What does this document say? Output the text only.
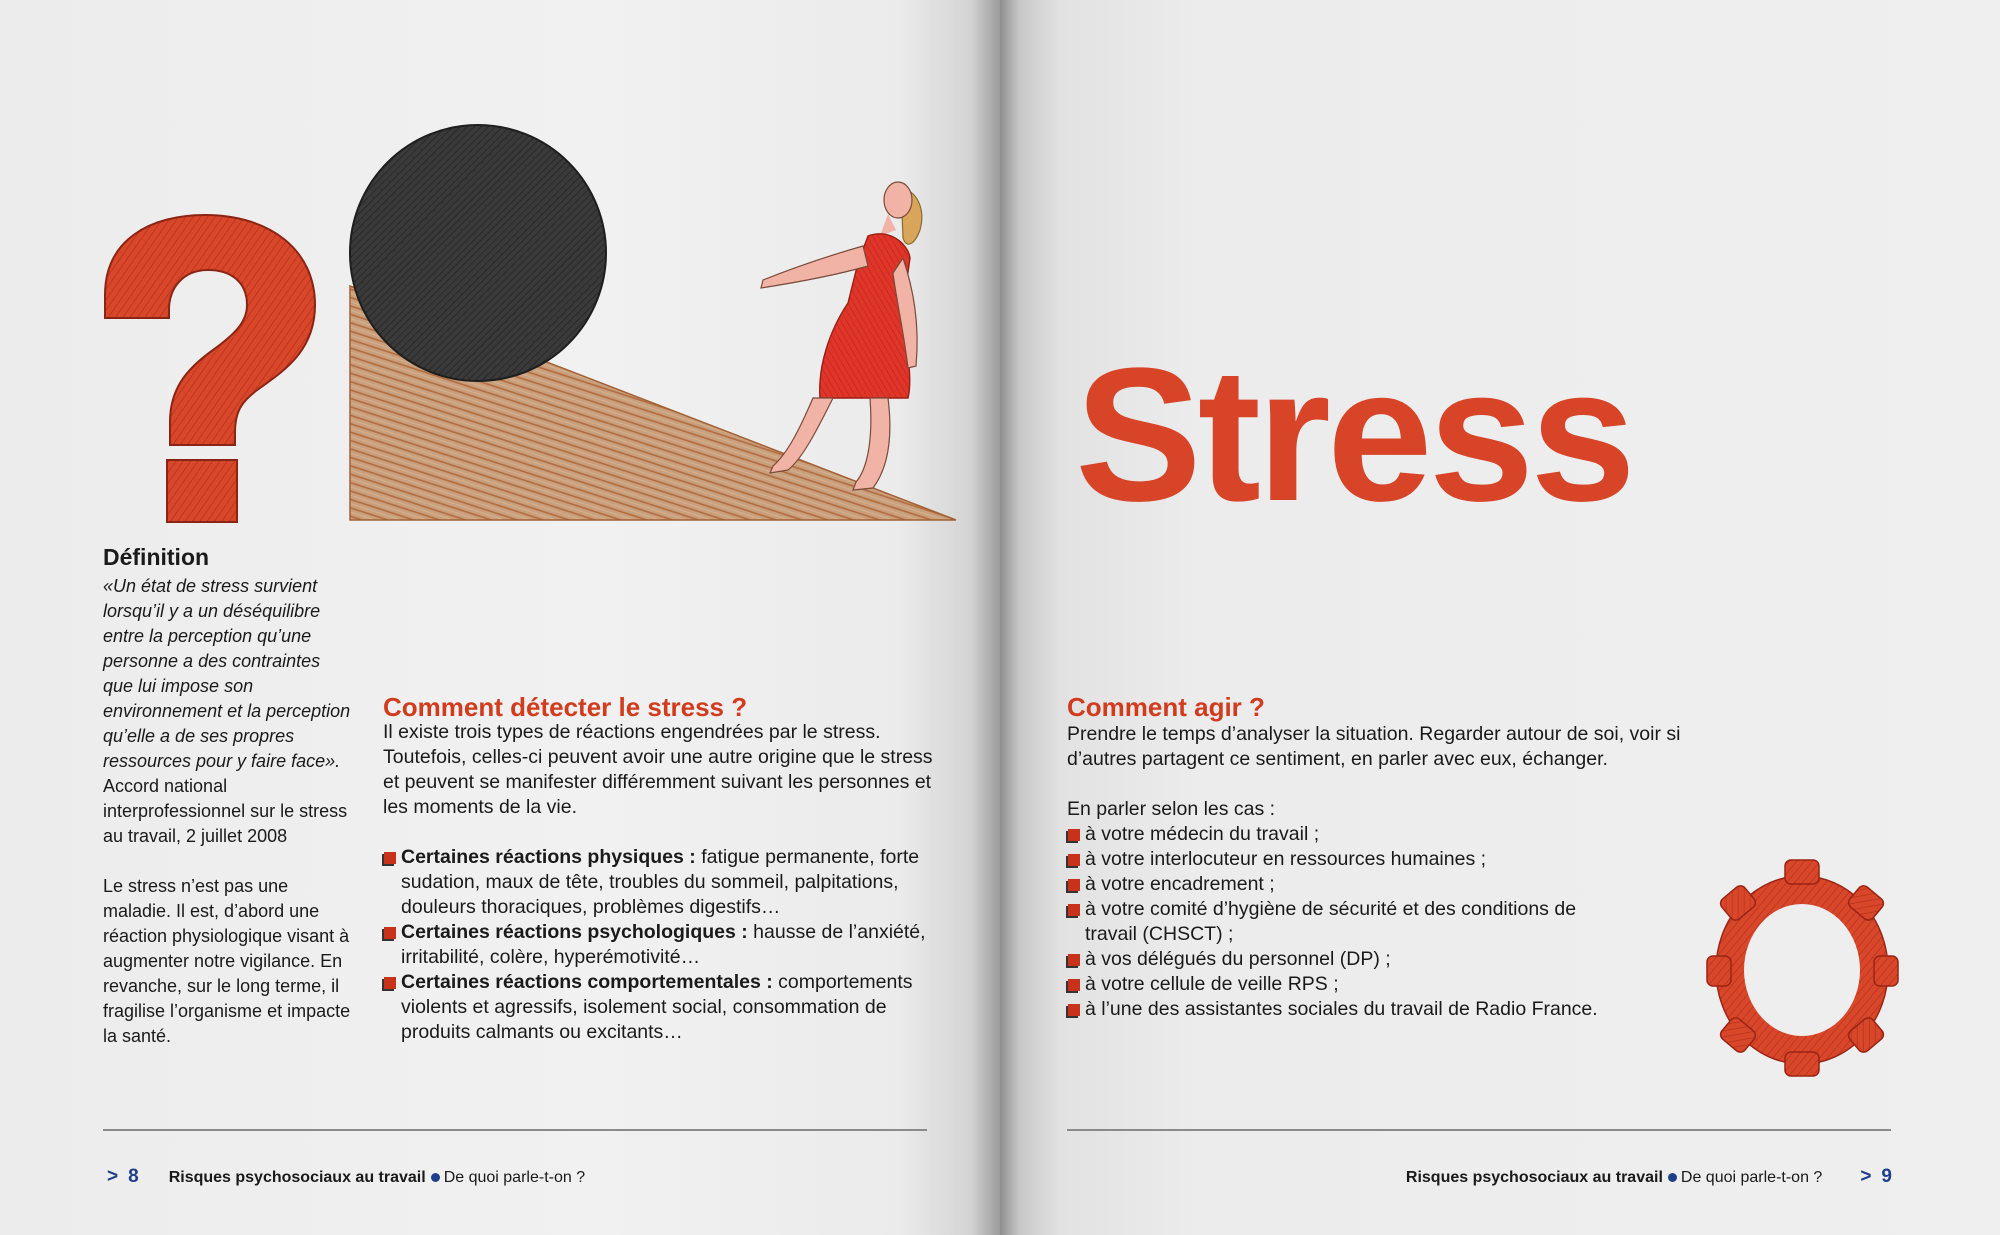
Définition

«Un état de stress survient lorsqu’il y a un déséquilibre entre la perception qu’une personne a des contraintes que lui impose son environnement et la perception qu’elle a de ses propres ressources pour y faire face». Accord national interprofessionnel sur le stress au travail, 2 juillet 2008

Le stress n’est pas une maladie. Il est, d’abord une réaction physiologique visant à augmenter notre vigilance. En revanche, sur le long terme, il fragilise l’organisme et impacte la santé.

Comment détecter le stress ?
Il existe trois types de réactions engendrées par le stress. Toutefois, celles-ci peuvent avoir une autre origine que le stress et peuvent se manifester différemment suivant les personnes et les moments de la vie.
Certaines réactions physiques : fatigue permanente, forte sudation, maux de tête, troubles du sommeil, palpitations, douleurs thoraciques, problèmes digestifs…
Certaines réactions psychologiques : hausse de l’anxiété, irritabilité, colère, hyperémotivité…
Certaines réactions comportementales : comportements violents et agressifs, isolement social, consommation de produits calmants ou excitants…
> 8 Risques psychosociaux au travail De quoi parle-t-on ?
Stress
Comment agir ?
Prendre le temps d’analyser la situation. Regarder autour de soi, voir si d’autres partagent ce sentiment, en parler avec eux, échanger.
En parler selon les cas :
à votre médecin du travail ;
à votre interlocuteur en ressources humaines ;
à votre encadrement ;
à votre comité d’hygiène de sécurité et des conditions de travail (CHSCT) ;
à vos délégués du personnel (DP) ;
à votre cellule de veille RPS ;
à l’une des assistantes sociales du travail de Radio France.
Risques psychosociaux au travail De quoi parle-t-on ? > 9
